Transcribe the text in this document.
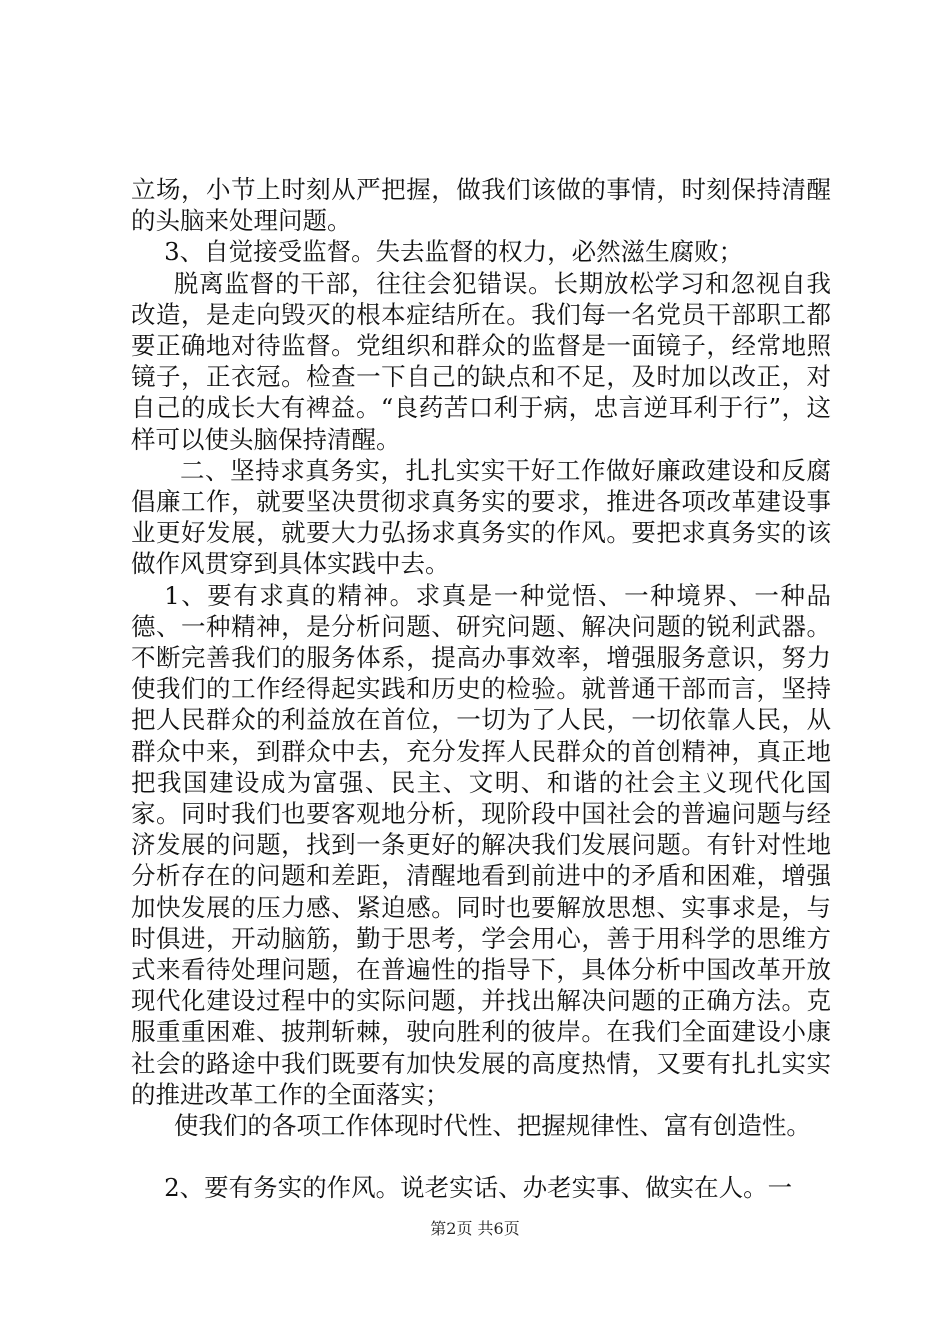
立场，小节上时刻从严把握，做我们该做的事情，时刻保持清醒的头脑来处理问题。

3、自觉接受监督。失去监督的权力，必然滋生腐败；

脱离监督的干部，往往会犯错误。长期放松学习和忽视自我改造，是走向毁灭的根本症结所在。我们每一名党员干部职工都要正确地对待监督。党组织和群众的监督是一面镜子，经常地照镜子，正衣冠。检查一下自己的缺点和不足，及时加以改正，对自己的成长大有裨益。“良药苦口利于病，忠言逆耳利于行”，这样可以使头脑保持清醒。

二、坚持求真务实，扎扎实实干好工作做好廉政建设和反腐倡廉工作，就要坚决贯彻求真务实的要求，推进各项改革建设事业更好发展，就要大力弘扬求真务实的作风。要把求真务实的该做作风贯穿到具体实践中去。

1、要有求真的精神。求真是一种觉悟、一种境界、一种品德、一种精神，是分析问题、研究问题、解决问题的锐利武器。不断完善我们的服务体系，提高办事效率，增强服务意识，努力使我们的工作经得起实践和历史的检验。就普通干部而言，坚持把人民群众的利益放在首位，一切为了人民，一切依靠人民，从群众中来，到群众中去，充分发挥人民群众的首创精神，真正地把我国建设成为富强、民主、文明、和谐的社会主义现代化国家。同时我们也要客观地分析，现阶段中国社会的普遍问题与经济发展的问题，找到一条更好的解决我们发展问题。有针对性地分析存在的问题和差距，清醒地看到前进中的矛盾和困难，增强加快发展的压力感、紧迫感。同时也要解放思想、实事求是，与时俱进，开动脑筋，勤于思考，学会用心，善于用科学的思维方式来看待处理问题，在普遍性的指导下，具体分析中国改革开放现代化建设过程中的实际问题，并找出解决问题的正确方法。克服重重困难、披荆斩棘，驶向胜利的彼岸。在我们全面建设小康社会的路途中我们既要有加快发展的高度热情，又要有扎扎实实的推进改革工作的全面落实；

使我们的各项工作体现时代性、把握规律性、富有创造性。

2、要有务实的作风。说老实话、办老实事、做实在人。一

第2页 共6页
